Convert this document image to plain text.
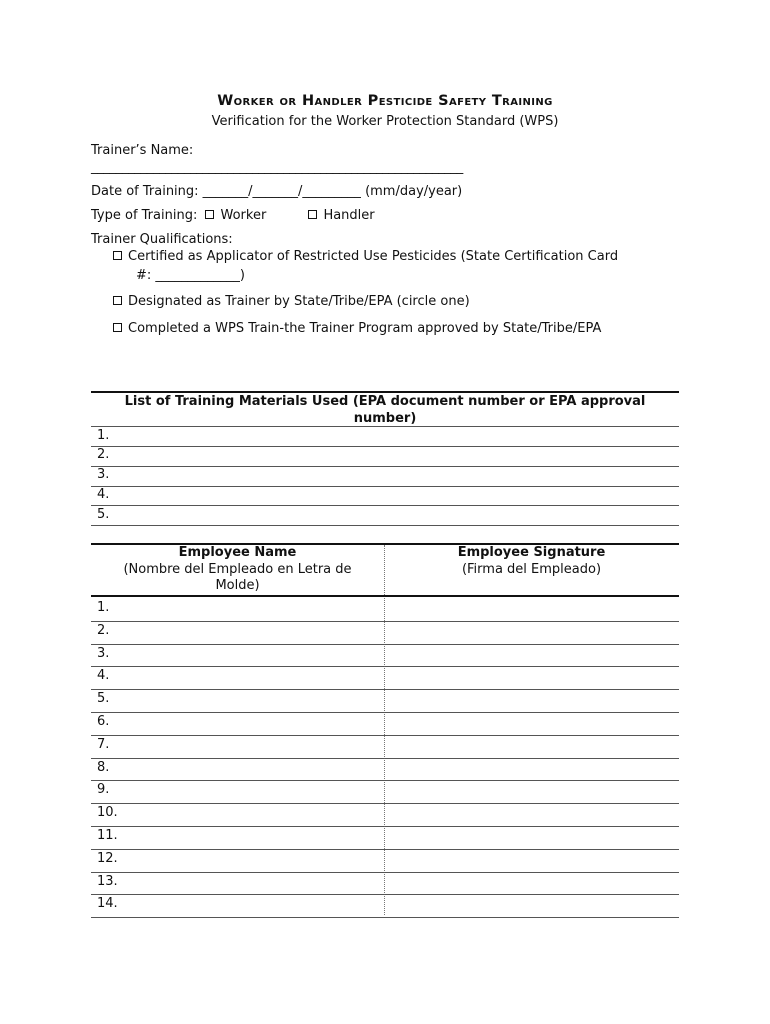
Worker or Handler Pesticide Safety Training
Verification for the Worker Protection Standard (WPS)
Trainer’s Name:
____________________________________________________________
Date of Training: _______/_______/_________ (mm/day/year)
Type of Training: Worker	Handler
Trainer Qualifications:
Certified as Applicator of Restricted Use Pesticides (State Certification Card
#: _____________)
Designated as Trainer by State/Tribe/EPA (circle one)
Completed a WPS Train-the Trainer Program approved by State/Tribe/EPA
List of Training Materials Used (EPA document number or EPA approval
number)
1.
2.
3.
4.
5.
Employee Name
(Nombre del Empleado en Letra de
Molde)
Employee Signature
(Firma del Empleado)
1.
2.
3.
4.
5.
6.
7.
8.
9.
10.
11.
12.
13.
14.
